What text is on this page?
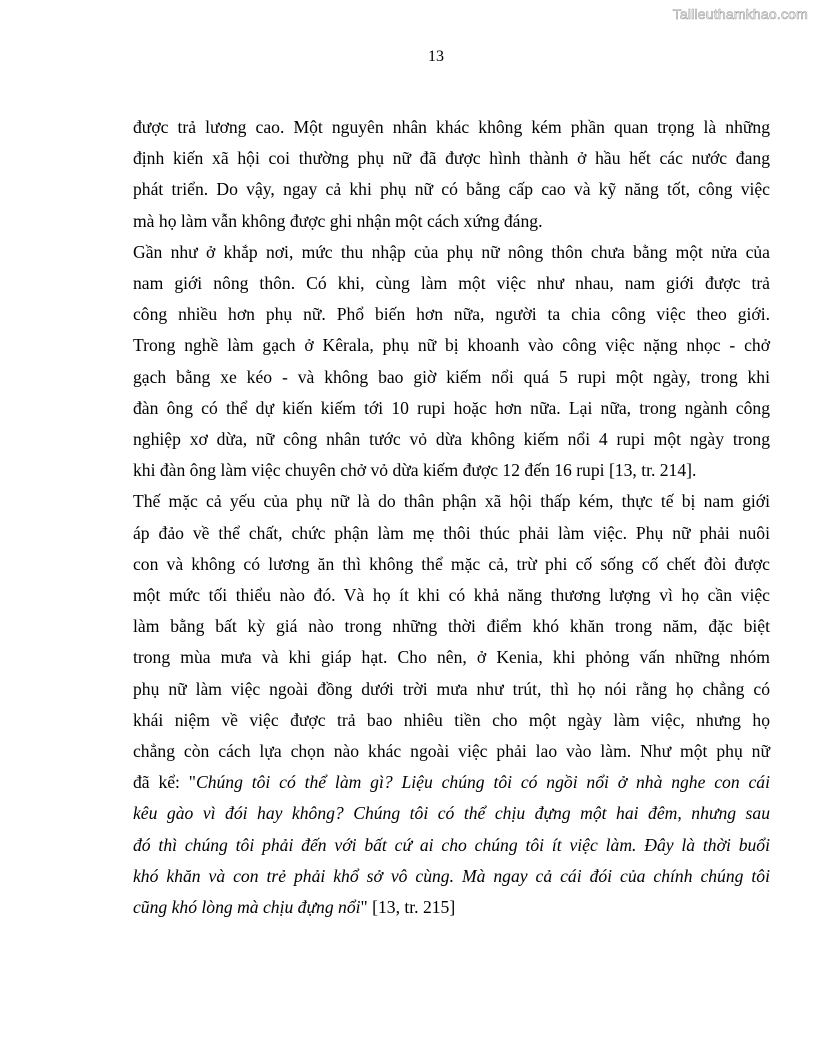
Tailieuthamkhao.com
13
được trả lương cao. Một nguyên nhân khác không kém phần quan trọng là những
định kiến xã hội coi thường phụ nữ đã được hình thành ở hầu hết các nước đang
phát triển. Do vậy, ngay cả khi phụ nữ có bằng cấp cao và kỹ năng tốt, công việc
mà họ làm vẫn không được ghi nhận một cách xứng đáng.
Gần như ở khắp nơi, mức thu nhập của phụ nữ nông thôn chưa bằng một nửa của
nam giới nông thôn. Có khi, cùng làm một việc như nhau, nam giới được trả
công nhiều hơn phụ nữ. Phổ biến hơn nữa, người ta chia công việc theo giới.
Trong nghề làm gạch ở Kêrala, phụ nữ bị khoanh vào công việc nặng nhọc - chở
gạch bằng xe kéo - và không bao giờ kiếm nổi quá 5 rupi một ngày, trong khi
đàn ông có thể dự kiến kiếm tới 10 rupi hoặc hơn nữa. Lại nữa, trong ngành công
nghiệp xơ dừa, nữ công nhân tước vỏ dừa không kiếm nổi 4 rupi một ngày trong
khi đàn ông làm việc chuyên chở vỏ dừa kiếm được 12 đến 16 rupi [13, tr. 214].
Thế mặc cả yếu của phụ nữ là do thân phận xã hội thấp kém, thực tế bị nam giới
áp đảo về thể chất, chức phận làm mẹ thôi thúc phải làm việc. Phụ nữ phải nuôi
con và không có lương ăn thì không thể mặc cả, trừ phi cố sống cố chết đòi được
một mức tối thiểu nào đó. Và họ ít khi có khả năng thương lượng vì họ cần việc
làm bằng bất kỳ giá nào trong những thời điểm khó khăn trong năm, đặc biệt
trong mùa mưa và khi giáp hạt. Cho nên, ở Kenia, khi phỏng vấn những nhóm
phụ nữ làm việc ngoài đồng dưới trời mưa như trút, thì họ nói rằng họ chẳng có
khái niệm về việc được trả bao nhiêu tiền cho một ngày làm việc, nhưng họ
chẳng còn cách lựa chọn nào khác ngoài việc phải lao vào làm. Như một phụ nữ
đã kể: "Chúng tôi có thể làm gì? Liệu chúng tôi có ngồi nổi ở nhà nghe con cái
kêu gào vì đói hay không? Chúng tôi có thể chịu đựng một hai đêm, nhưng sau
đó thì chúng tôi phải đến với bất cứ ai cho chúng tôi ít việc làm. Đây là thời buổi
khó khăn và con trẻ phải khổ sở vô cùng. Mà ngay cả cái đói của chính chúng tôi
cũng khó lòng mà chịu đựng nổi" [13, tr. 215]
